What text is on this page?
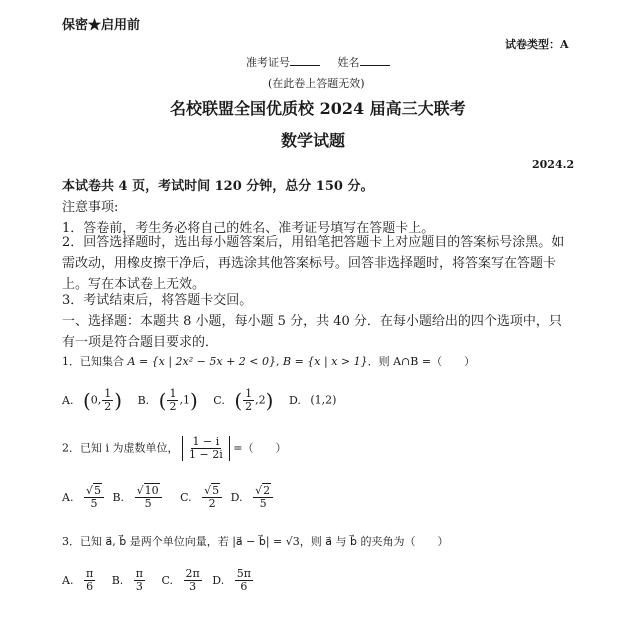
保密★启用前
试卷类型：A
准考证号	姓名
(在此卷上答题无效)
名校联盟全国优质校 2024 届高三大联考
数学试题
2024.2
本试卷共 4 页，考试时间 120 分钟，总分 150 分。
注意事项:
1．答卷前，考生务必将自己的姓名、准考证号填写在答题卡上。
2．回答选择题时，选出每小题答案后，用铅笔把答题卡上对应题目的答案标号涂黑。如需改动，用橡皮擦干净后，再选涂其他答案标号。回答非选择题时，将答案写在答题卡上。写在本试卷上无效。
3．考试结束后，将答题卡交回。
一、选择题：本题共 8 小题，每小题 5 分，共 40 分．在每小题给出的四个选项中，只有一项是符合题目要求的．
1．已知集合 A = {x | 2x² − 5x + 2 < 0}, B = {x | x > 1}．则 A∩B =（　　）
A. (0, $\frac{1}{2}$ ) B. ( $\frac{1}{2} ,1$) C. ( $\frac{1}{2} ,2$) D. (1,2)
2．已知 i 为虚数单位， $\frac{1 - i}{1 - 2i}$ =（　　）
A. $\frac{√5}{5} B$. $\frac{√10}{5} C$. $\frac{√5}{2} D$. $\frac{√2}{5}$
3．已知 a⃗, b⃗ 是两个单位向量，若 |a⃗ − b⃗| = √3，则 a⃗ 与 b⃗ 的夹角为（　　）
A. $\frac{\pi}{6} B$. $\frac{\pi}{3} C$. $\frac{2\pi}{3} D$. $\frac{5\pi}{6}$
